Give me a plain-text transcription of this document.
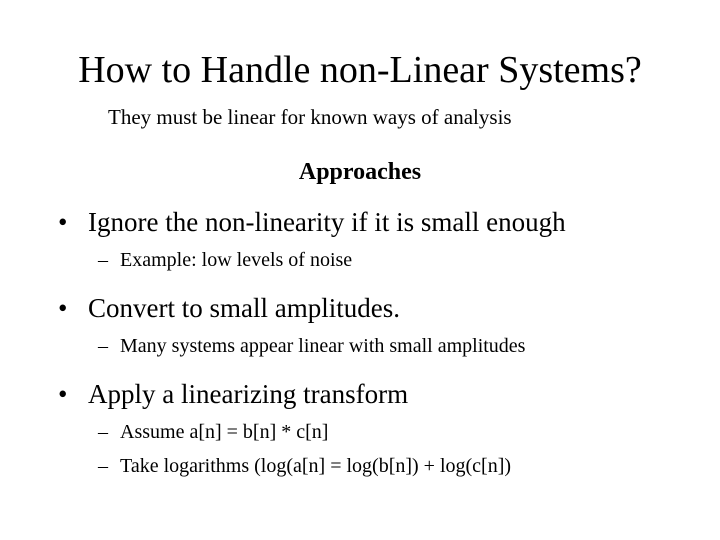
How to Handle non-Linear Systems?
They must be linear for known ways of analysis
Approaches
• Ignore the non-linearity if it is small enough
– Example: low levels of noise
• Convert to small amplitudes.
– Many systems appear linear with small amplitudes
• Apply a linearizing transform
– Assume a[n] = b[n] * c[n]
– Take logarithms (log(a[n] = log(b[n]) + log(c[n])
